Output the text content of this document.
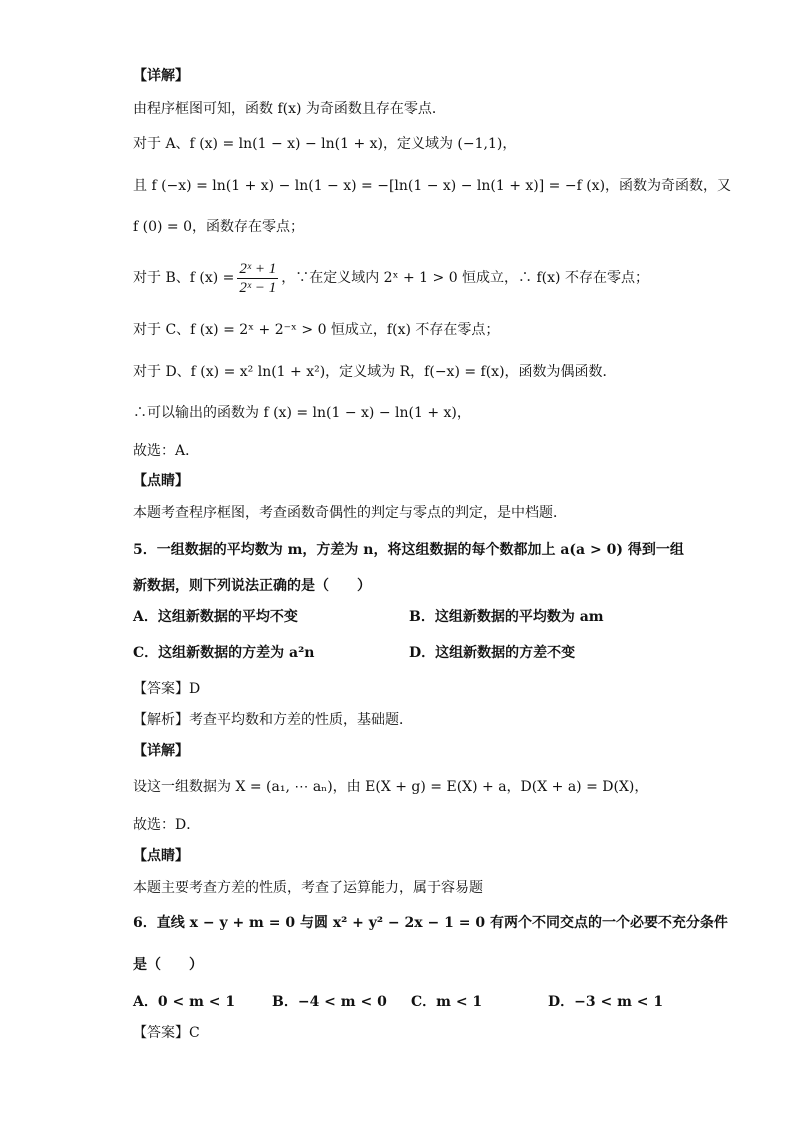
【详解】
由程序框图可知，函数 f(x) 为奇函数且存在零点．
对于 A、f (x) = ln(1 − x) − ln(1 + x)，定义域为 (−1,1)，
且 f (−x) = ln(1 + x) − ln(1 − x) = −[ln(1 − x) − ln(1 + x)] = −f (x)，函数为奇函数，又
f (0) = 0，函数存在零点；
对于 B、f $(x) = \frac{\text{2ˣ + 1}}{\text{2ˣ − 1}}$ ，∵在定义域内 2ˣ + 1 > 0 恒成立，∴ f(x) 不存在零点；
对于 C、f (x) = 2ˣ + 2⁻ˣ > 0 恒成立，f(x) 不存在零点；
对于 D、f (x) = x² ln(1 + x²)，定义域为 R，f(−x) = f(x)，函数为偶函数．
∴可以输出的函数为 f (x) = ln(1 − x) − ln(1 + x)，
故选：A．
【点睛】
本题考查程序框图，考查函数奇偶性的判定与零点的判定，是中档题．
5．一组数据的平均数为 m，方差为 n，将这组数据的每个数都加上 a(a > 0) 得到一组
新数据，则下列说法正确的是（　　）
A．这组新数据的平均不变	B．这组新数据的平均数为 am
C．这组新数据的方差为 a²n	D．这组新数据的方差不变
【答案】D
【解析】考查平均数和方差的性质，基础题．
【详解】
设这一组数据为 X = (a₁, ⋯ aₙ)，由 E(X + g) = E(X) + a，D(X + a) = D(X)，
故选：D．
【点睛】
本题主要考查方差的性质，考查了运算能力，属于容易题
6．直线 x − y + m = 0 与圆 x² + y² − 2x − 1 = 0 有两个不同交点的一个必要不充分条件
是（　　）
A．0 < m < 1	B．−4 < m < 0 C．m < 1	D．−3 < m < 1
【答案】C
